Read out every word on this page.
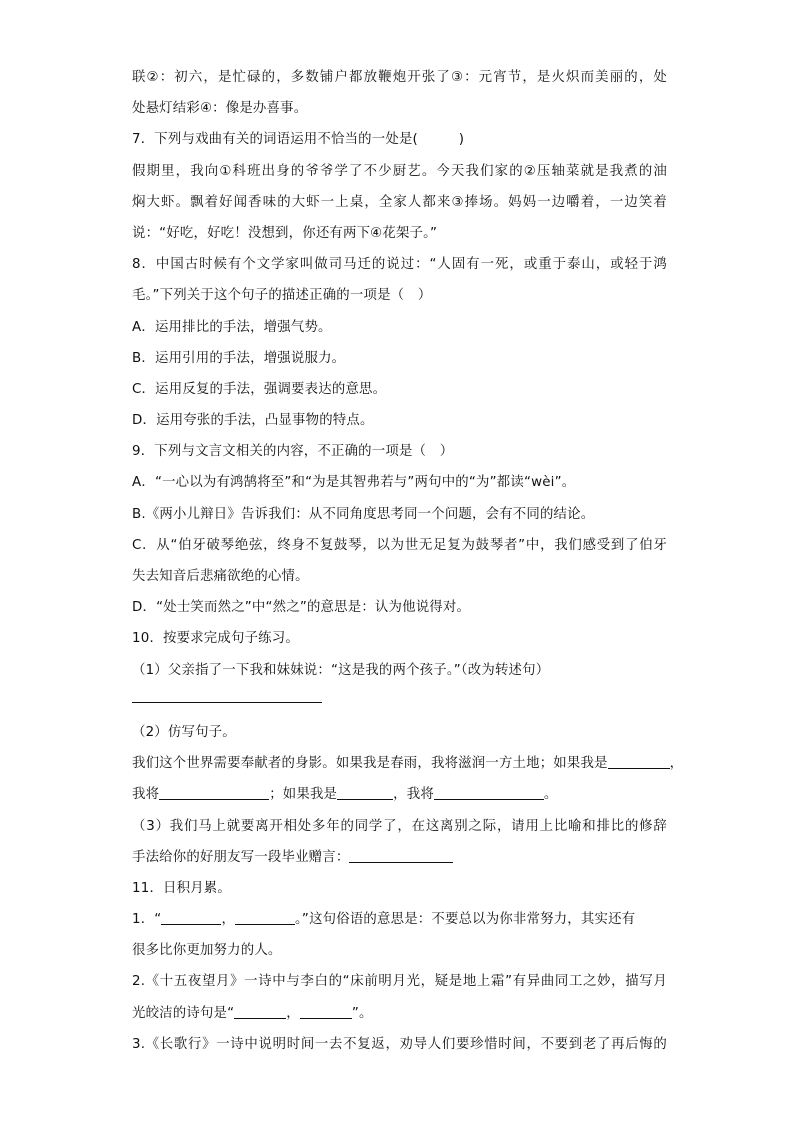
联②：初六，是忙碌的，多数铺户都放鞭炮开张了③：元宵节，是火炽而美丽的，处
处悬灯结彩④：像是办喜事。
7．下列与戏曲有关的词语运用不恰当的一处是(　　　)
假期里，我向①科班出身的爷爷学了不少厨艺。今天我们家的②压轴菜就是我煮的油
焖大虾。飘着好闻香味的大虾一上桌，全家人都来③捧场。妈妈一边嚼着，一边笑着
说：“好吃，好吃！没想到，你还有两下④花架子。”
8．中国古时候有个文学家叫做司马迁的说过：“人固有一死，或重于泰山，或轻于鸿
毛。”下列关于这个句子的描述正确的一项是（　）
A．运用排比的手法，增强气势。
B．运用引用的手法，增强说服力。
C．运用反复的手法，强调要表达的意思。
D．运用夸张的手法，凸显事物的特点。
9．下列与文言文相关的内容，不正确的一项是（　）
A．“一心以为有鸿鹄将至”和“为是其智弗若与”两句中的“为”都读“wèi”。
B.《两小儿辩日》告诉我们：从不同角度思考同一个问题，会有不同的结论。
C．从“伯牙破琴绝弦，终身不复鼓琴，以为世无足复为鼓琴者”中，我们感受到了伯牙
失去知音后悲痛欲绝的心情。
D．“处士笑而然之”中“然之”的意思是：认为他说得对。
10．按要求完成句子练习。
（1）父亲指了一下我和妹妹说：“这是我的两个孩子。”（改为转述句）
（2）仿写句子。
我们这个世界需要奉献者的身影。如果我是春雨，我将滋润一方土地；如果我是	，
我将	；如果我是	，我将	。
（3）我们马上就要离开相处多年的同学了，在这离别之际，请用上比喻和排比的修辞
手法给你的好朋友写一段毕业赠言：
11．日积月累。
1．“	，	。”这句俗语的意思是：不要总以为你非常努力，其实还有
很多比你更加努力的人。
2.《十五夜望月》一诗中与李白的“床前明月光，疑是地上霜”有异曲同工之妙，描写月
光皎洁的诗句是“	，	”。
3.《长歌行》一诗中说明时间一去不复返，劝导人们要珍惜时间，不要到老了再后悔的
